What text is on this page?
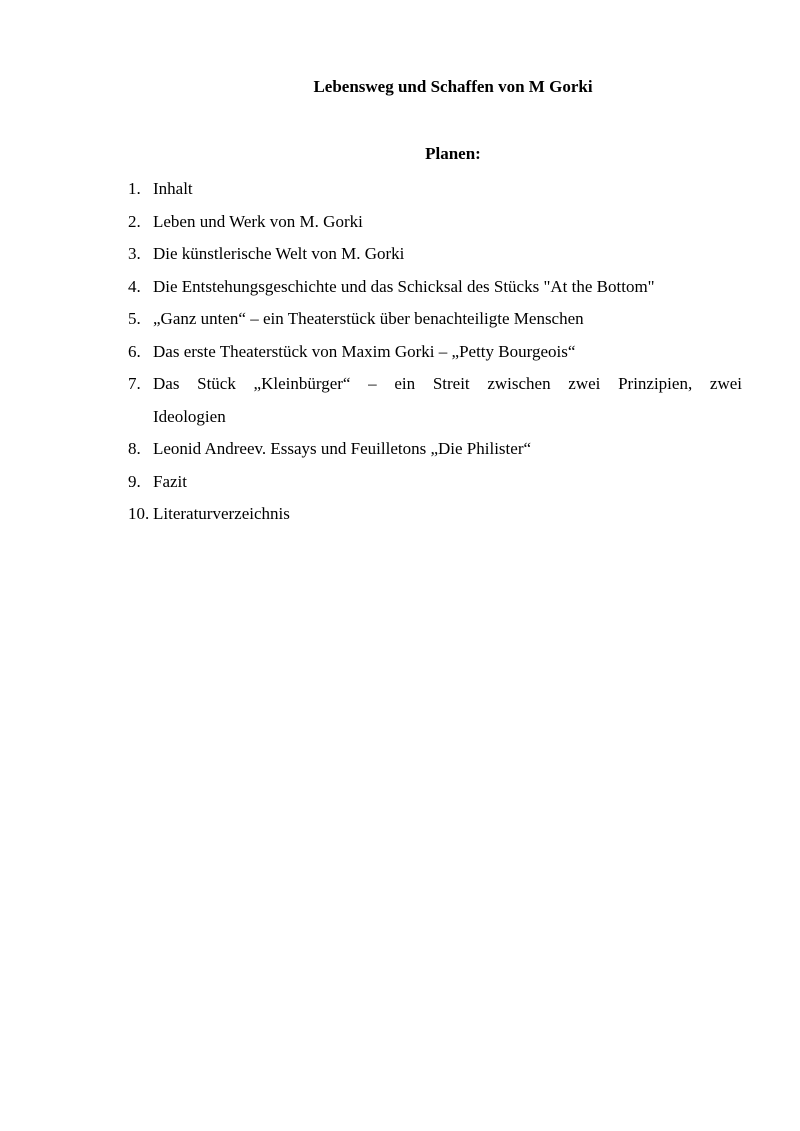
Lebensweg und Schaffen von M Gorki
Planen:
1. Inhalt
2. Leben und Werk von M. Gorki
3. Die künstlerische Welt von M. Gorki
4. Die Entstehungsgeschichte und das Schicksal des Stücks "At the Bottom"
5. „Ganz unten“ – ein Theaterstück über benachteiligte Menschen
6. Das erste Theaterstück von Maxim Gorki – „Petty Bourgeois“
7. Das Stück „Kleinbürger“ – ein Streit zwischen zwei Prinzipien, zwei
Ideologien
8. Leonid Andreev. Essays und Feuilletons „Die Philister“
9. Fazit
10. Literaturverzeichnis
